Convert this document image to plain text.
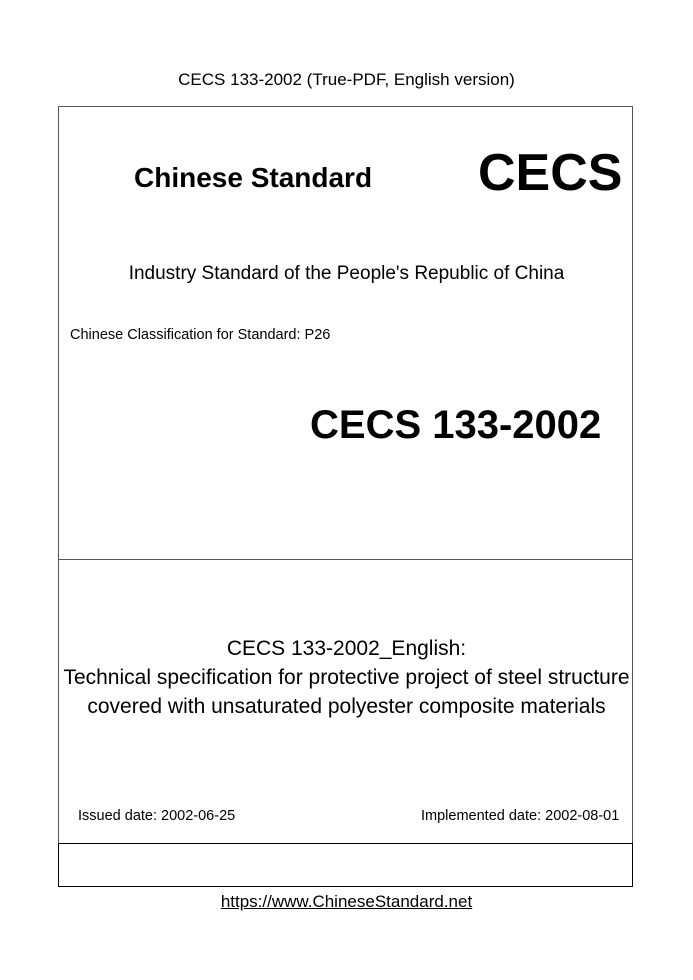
CECS 133-2002 (True-PDF, English version)
Chinese Standard CECS
Industry Standard of the People's Republic of China
Chinese Classification for Standard: P26
CECS 133-2002
CECS 133-2002_English:
Technical specification for protective project of steel structure
covered with unsaturated polyester composite materials
Issued date: 2002-06-25	Implemented date: 2002-08-01
https://www.ChineseStandard.net
